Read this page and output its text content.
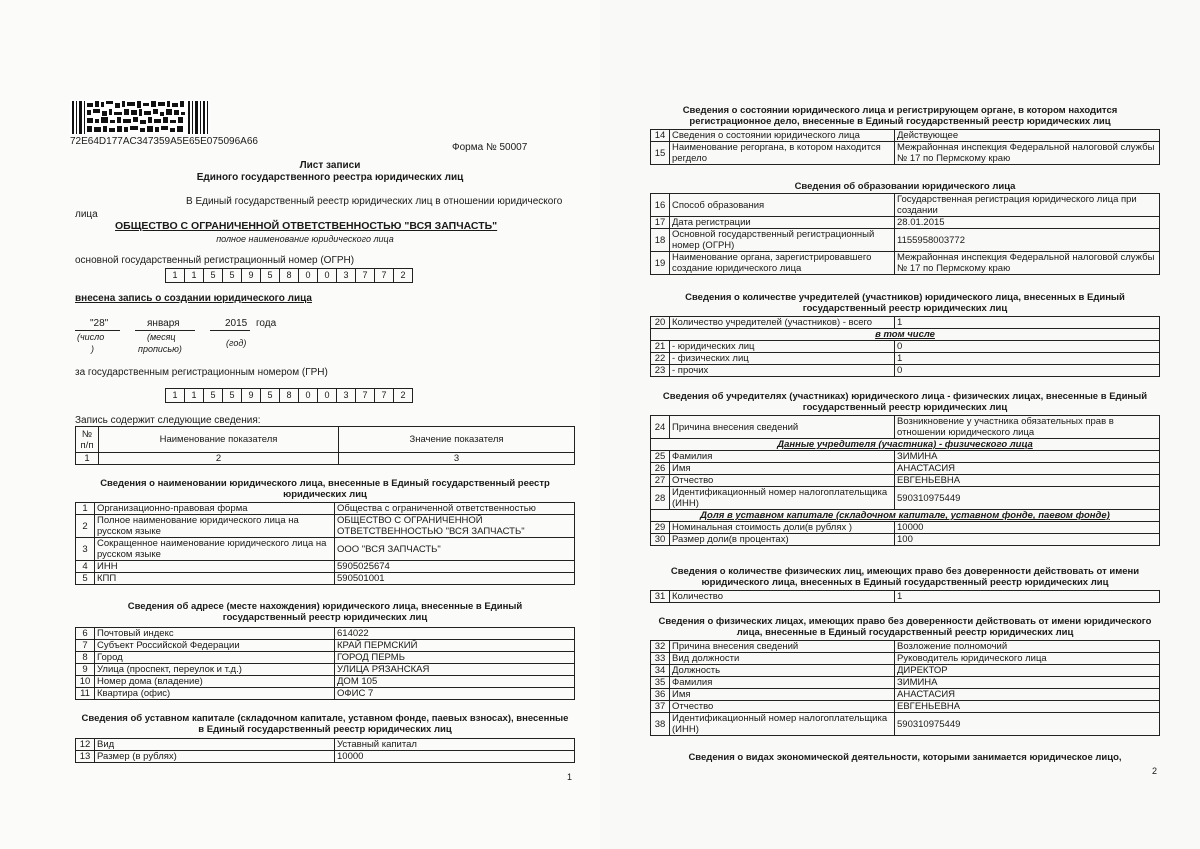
72E64D177AC347359A5E65E075096A66
Форма № 50007
Лист записи
Единого государственного реестра юридических лиц
В Единый государственный реестр юридических лиц в отношении юридического
лица
ОБЩЕСТВО С ОГРАНИЧЕННОЙ ОТВЕТСТВЕННОСТЬЮ "ВСЯ ЗАПЧАСТЬ"
полное наименование юридического лица
основной государственный регистрационный номер (ОГРН)
1	1	5	5	9	5	8	0	0	3	7	7	2
внесена запись о создании юридического лица
"28"	января	2015 года
(число
)
(месяц
прописью)
(год)
за государственным регистрационным номером (ГРН)
1	1	5	5	9	5	8	0	0	3	7	7	2
Запись содержит следующие сведения:
№ п/п	Наименование показателя	Значение показателя
1	2	3
Сведения о наименовании юридического лица, внесенные в Единый государственный реестр юридических лиц
1	Организационно-правовая форма	Общества с ограниченной ответственностью
2	Полное наименование юридического лица на русском языке	ОБЩЕСТВО С ОГРАНИЧЕННОЙ ОТВЕТСТВЕННОСТЬЮ "ВСЯ ЗАПЧАСТЬ"
3	Сокращенное наименование юридического лица на русском языке	ООО "ВСЯ ЗАПЧАСТЬ"
4	ИНН	5905025674
5	КПП	590501001
Сведения об адресе (месте нахождения) юридического лица, внесенные в Единый государственный реестр юридических лиц
6	Почтовый индекс	614022
7	Субъект Российской Федерации	КРАЙ ПЕРМСКИЙ
8	Город	ГОРОД ПЕРМЬ
9	Улица (проспект, переулок и т.д.)	УЛИЦА РЯЗАНСКАЯ
10	Номер дома (владение)	ДОМ 105
11	Квартира (офис)	ОФИС 7
Сведения об уставном капитале (складочном капитале, уставном фонде, паевых взносах), внесенные в Единый государственный реестр юридических лиц
12	Вид	Уставный капитал
13	Размер (в рублях)	10000
1
Сведения о состоянии юридического лица и регистрирующем органе, в котором находится регистрационное дело, внесенные в Единый государственный реестр юридических лиц
14	Сведения о состоянии юридического лица	Действующее
15	Наименование регоргана, в котором находится регдело	Межрайонная инспекция Федеральной налоговой службы № 17 по Пермскому краю
Сведения об образовании юридического лица
16	Способ образования	Государственная регистрация юридического лица при создании
17	Дата регистрации	28.01.2015
18	Основной государственный регистрационный номер (ОГРН)	1155958003772
19	Наименование органа, зарегистрировавшего создание юридического лица	Межрайонная инспекция Федеральной налоговой службы № 17 по Пермскому краю
Сведения о количестве учредителей (участников) юридического лица, внесенных в Единый государственный реестр юридических лиц
20	Количество учредителей (участников) - всего	1
в том числе		
21	- юридических лиц	0
22	- физических лиц	1
23	- прочих	0
Сведения об учредителях (участниках) юридического лица - физических лицах, внесенные в Единый государственный реестр юридических лиц
24	Причина внесения сведений	Возникновение у участника обязательных прав в отношении юридического лица
Данные учредителя (участника) - физического лица		
25	Фамилия	ЗИМИНА
26	Имя	АНАСТАСИЯ
27	Отчество	ЕВГЕНЬЕВНА
28	Идентификационный номер налогоплательщика (ИНН)	590310975449
Доля в уставном капитале (складочном капитале, уставном фонде, паевом фонде)		
29	Номинальная стоимость доли(в рублях )	10000
30	Размер доли(в процентах)	100
Сведения о количестве физических лиц, имеющих право без доверенности действовать от имени юридического лица, внесенных в Единый государственный реестр юридических лиц
31	Количество	1
Сведения о физических лицах, имеющих право без доверенности действовать от имени юридического лица, внесенные в Единый государственный реестр юридических лиц
32	Причина внесения сведений	Возложение полномочий
33	Вид должности	Руководитель юридического лица
34	Должность	ДИРЕКТОР
35	Фамилия	ЗИМИНА
36	Имя	АНАСТАСИЯ
37	Отчество	ЕВГЕНЬЕВНА
38	Идентификационный номер налогоплательщика (ИНН)	590310975449
Сведения о видах экономической деятельности, которыми занимается юридическое лицо,
2
